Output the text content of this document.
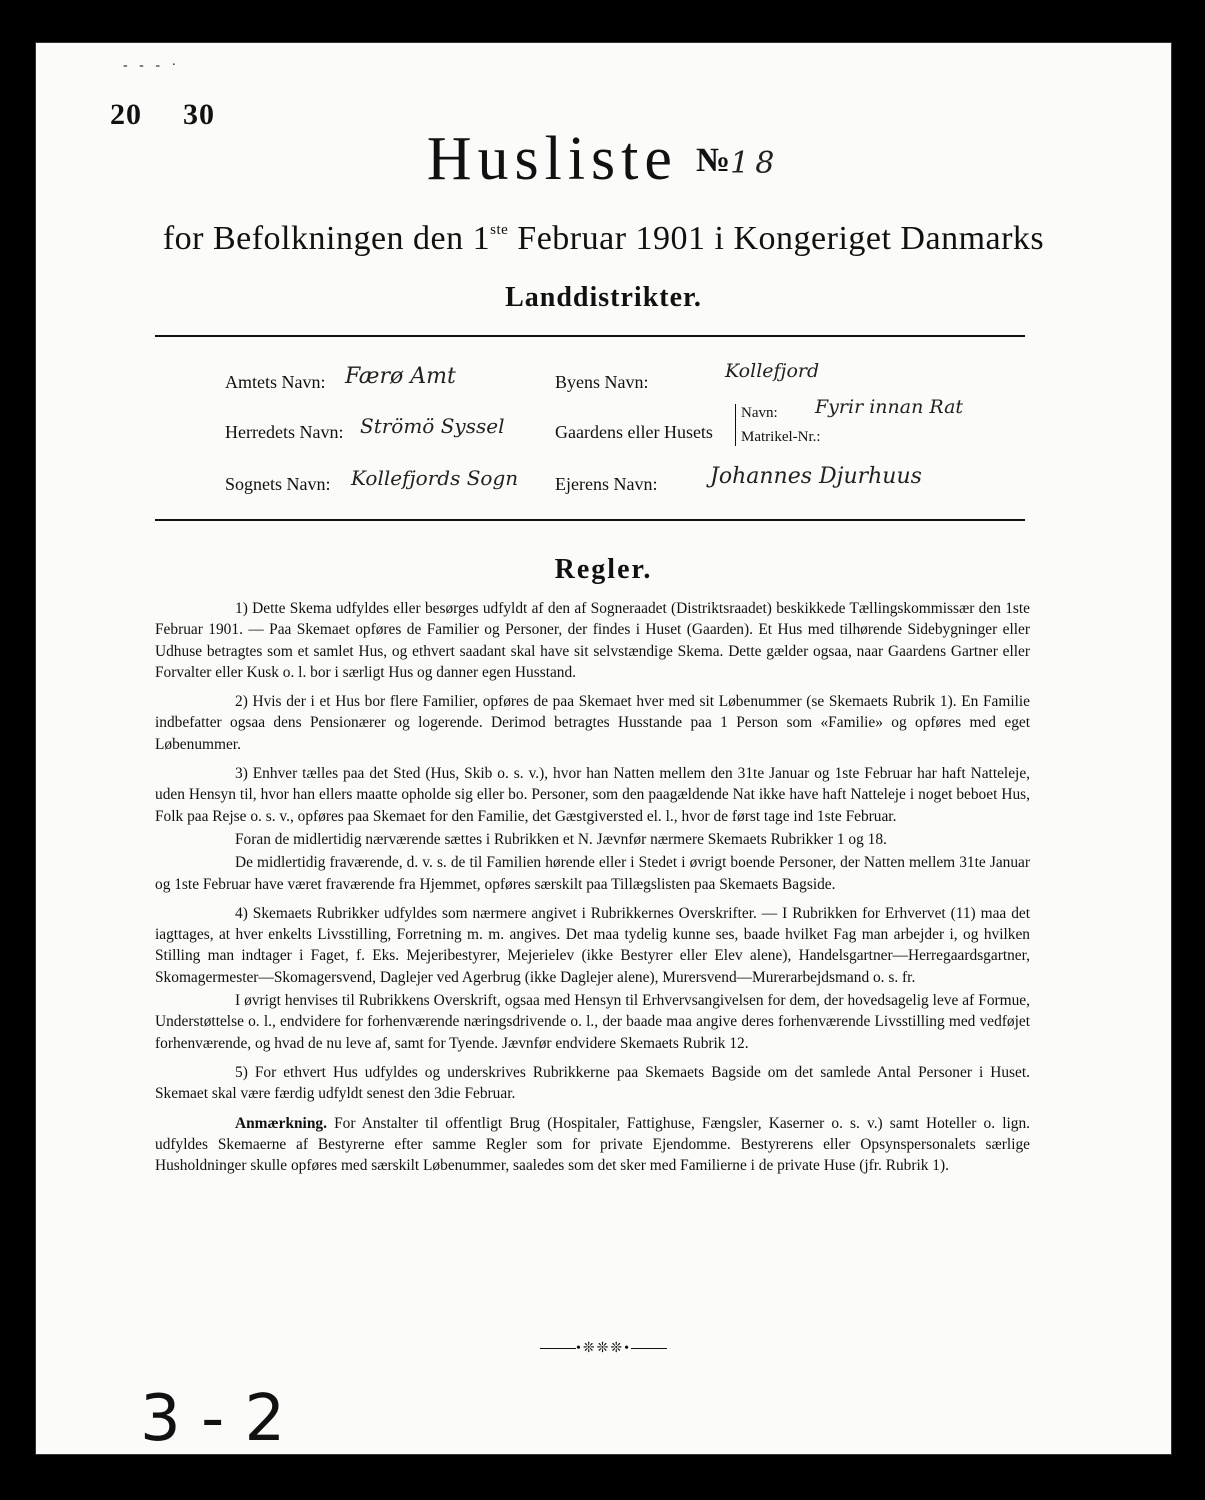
- - - ·
20 30
Husliste №18
for Befolkningen den 1ste Februar 1901 i Kongeriget Danmarks
Landdistrikter.
Amtets Navn: Færø Amt	Byens Navn:	Kollefjord
Herredets Navn: Strömö Syssel	Gaardens eller Husets
Navn: Fyrir innan Rat
Matrikel-Nr.:
Sognets Navn: Kollefjords Sogn Ejerens Navn: Johannes Djurhuus
Regler.

1) Dette Skema udfyldes eller besørges udfyldt af den af Sogneraadet (Distriktsraadet) beskikkede Tællingskommissær den 1ste Februar 1901. — Paa Skemaet opføres de Familier og Personer, der findes i Huset (Gaarden). Et Hus med tilhørende Sidebygninger eller Udhuse betragtes som et samlet Hus, og ethvert saadant skal have sit selvstændige Skema. Dette gælder ogsaa, naar Gaardens Gartner eller Forvalter eller Kusk o. l. bor i særligt Hus og danner egen Husstand.

2) Hvis der i et Hus bor flere Familier, opføres de paa Skemaet hver med sit Løbenummer (se Skemaets Rubrik 1). En Familie indbefatter ogsaa dens Pensionærer og logerende. Derimod betragtes Husstande paa 1 Person som «Familie» og opføres med eget Løbenummer.

3) Enhver tælles paa det Sted (Hus, Skib o. s. v.), hvor han Natten mellem den 31te Januar og 1ste Februar har haft Natteleje, uden Hensyn til, hvor han ellers maatte opholde sig eller bo. Personer, som den paagældende Nat ikke have haft Natteleje i noget beboet Hus, Folk paa Rejse o. s. v., opføres paa Skemaet for den Familie, det Gæstgiversted el. l., hvor de først tage ind 1ste Februar.

Foran de midlertidig nærværende sættes i Rubrikken et N. Jævnfør nærmere Skemaets Rubrikker 1 og 18.

De midlertidig fraværende, d. v. s. de til Familien hørende eller i Stedet i øvrigt boende Personer, der Natten mellem 31te Januar og 1ste Februar have været fraværende fra Hjemmet, opføres særskilt paa Tillægslisten paa Skemaets Bagside.

4) Skemaets Rubrikker udfyldes som nærmere angivet i Rubrikkernes Overskrifter. — I Rubrikken for Erhvervet (11) maa det iagttages, at hver enkelts Livsstilling, Forretning m. m. angives. Det maa tydelig kunne ses, baade hvilket Fag man arbejder i, og hvilken Stilling man indtager i Faget, f. Eks. Mejeribestyrer, Mejerielev (ikke Bestyrer eller Elev alene), Handelsgartner—Herregaardsgartner, Skomagermester—Skomagersvend, Daglejer ved Agerbrug (ikke Daglejer alene), Murersvend—Murerarbejdsmand o. s. fr.

I øvrigt henvises til Rubrikkens Overskrift, ogsaa med Hensyn til Erhvervsangivelsen for dem, der hovedsagelig leve af Formue, Understøttelse o. l., endvidere for forhenværende næringsdrivende o. l., der baade maa angive deres forhenværende Livsstilling med vedføjet forhenværende, og hvad de nu leve af, samt for Tyende. Jævnfør endvidere Skemaets Rubrik 12.

5) For ethvert Hus udfyldes og underskrives Rubrikkerne paa Skemaets Bagside om det samlede Antal Personer i Huset. Skemaet skal være færdig udfyldt senest den 3die Februar.

Anmærkning. For Anstalter til offentligt Brug (Hospitaler, Fattighuse, Fængsler, Kaserner o. s. v.) samt Hoteller o. lign. udfyldes Skemaerne af Bestyrerne efter samme Regler som for private Ejendomme. Bestyrerens eller Opsynspersonalets særlige Husholdninger skulle opføres med særskilt Løbenummer, saaledes som det sker med Familierne i de private Huse (jfr. Rubrik 1).

•❊❊❊•
3 - 2
